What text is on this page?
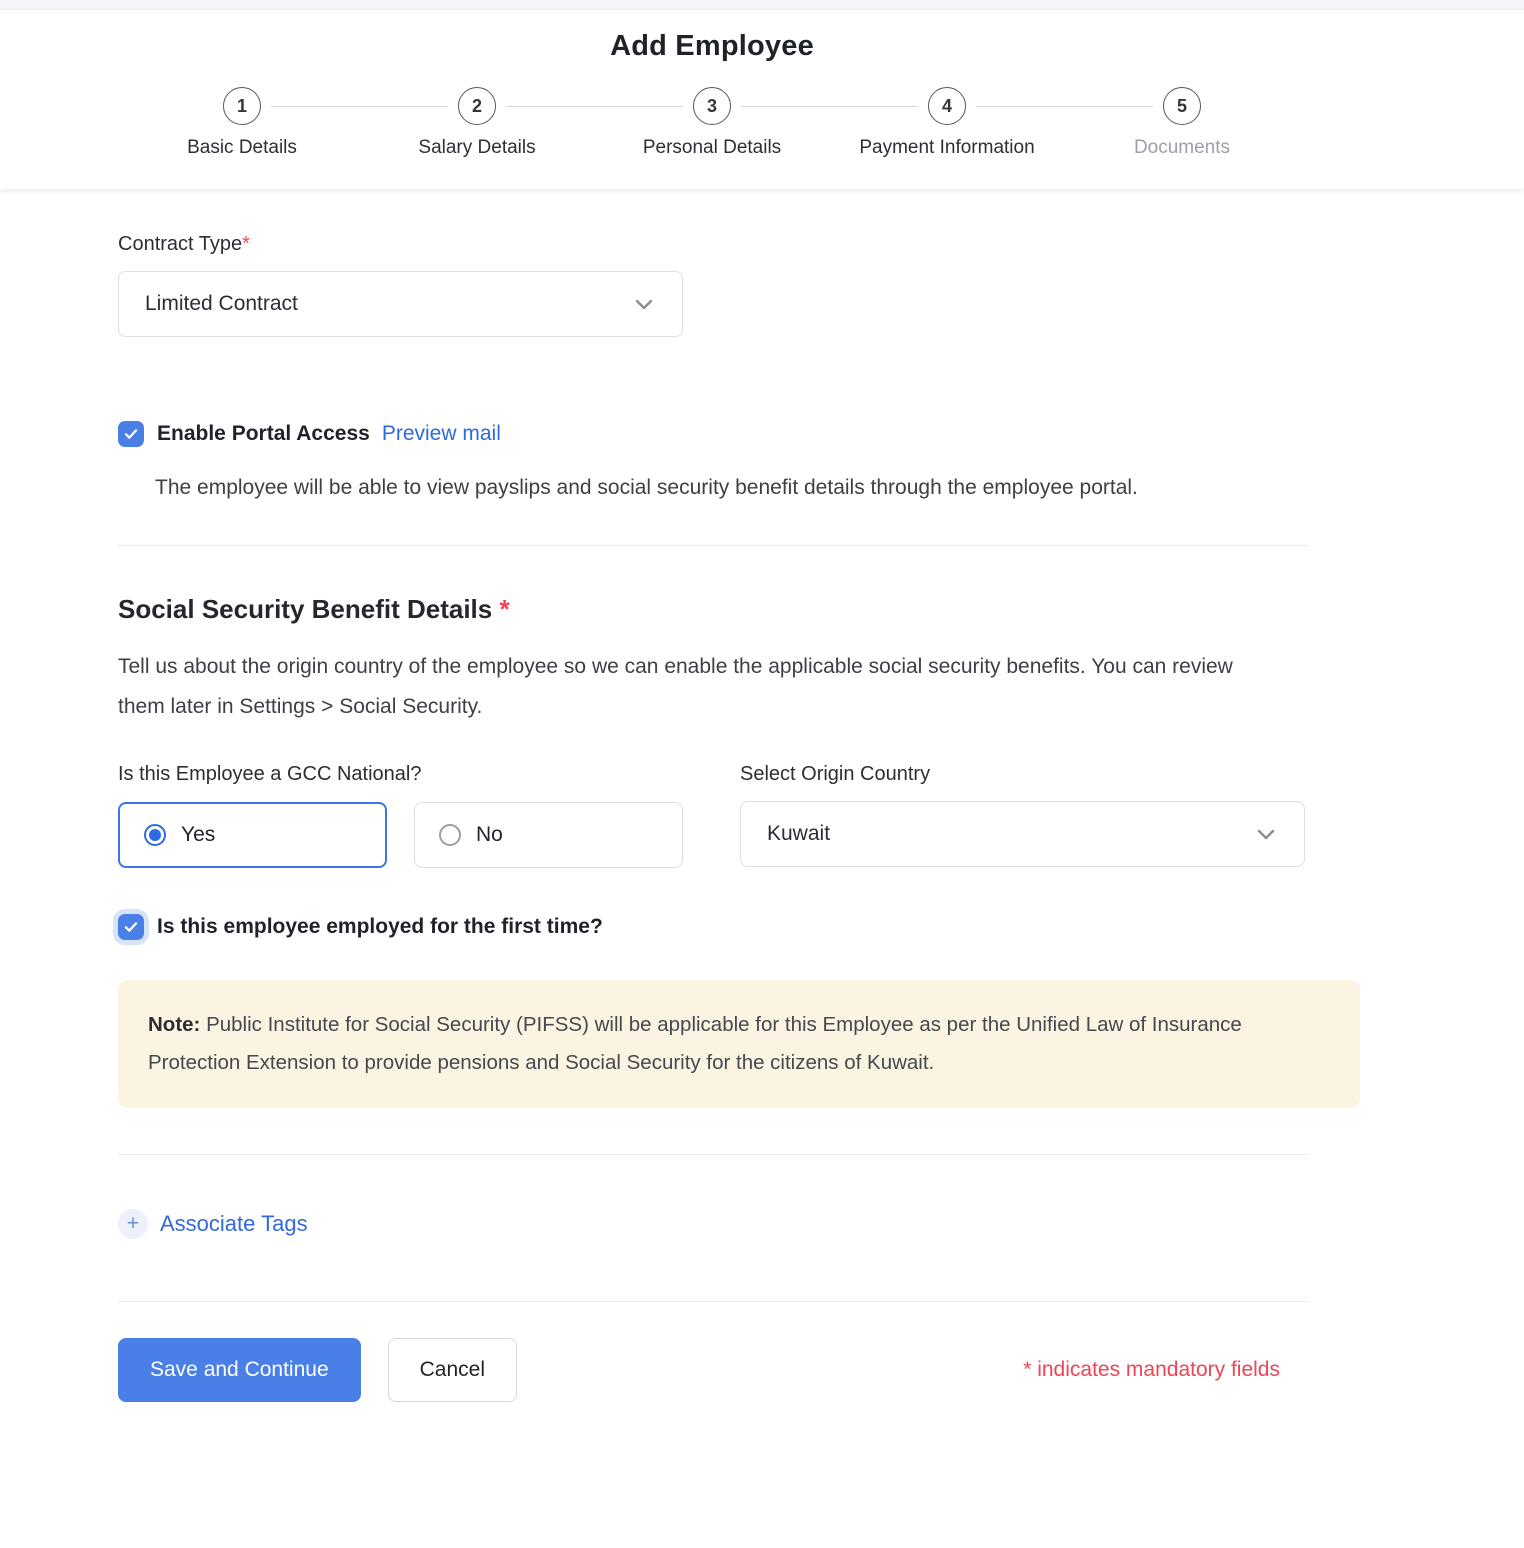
Add Employee
1
Basic Details
2
Salary Details
3
Personal Details
4
Payment Information
5
Documents
Contract Type*
Limited Contract
Enable Portal Access Preview mail
The employee will be able to view payslips and social security benefit details through the employee portal.
Social Security Benefit Details *
Tell us about the origin country of the employee so we can enable the applicable social security benefits. You can review them later in Settings > Social Security.
Is this Employee a GCC National?
Yes	No
Select Origin Country
Kuwait
Is this employee employed for the first time?
Note: Public Institute for Social Security (PIFSS) will be applicable for this Employee as per the Unified Law of Insurance Protection Extension to provide pensions and Social Security for the citizens of Kuwait.
+ Associate Tags
Save and Continue	Cancel	* indicates mandatory fields
